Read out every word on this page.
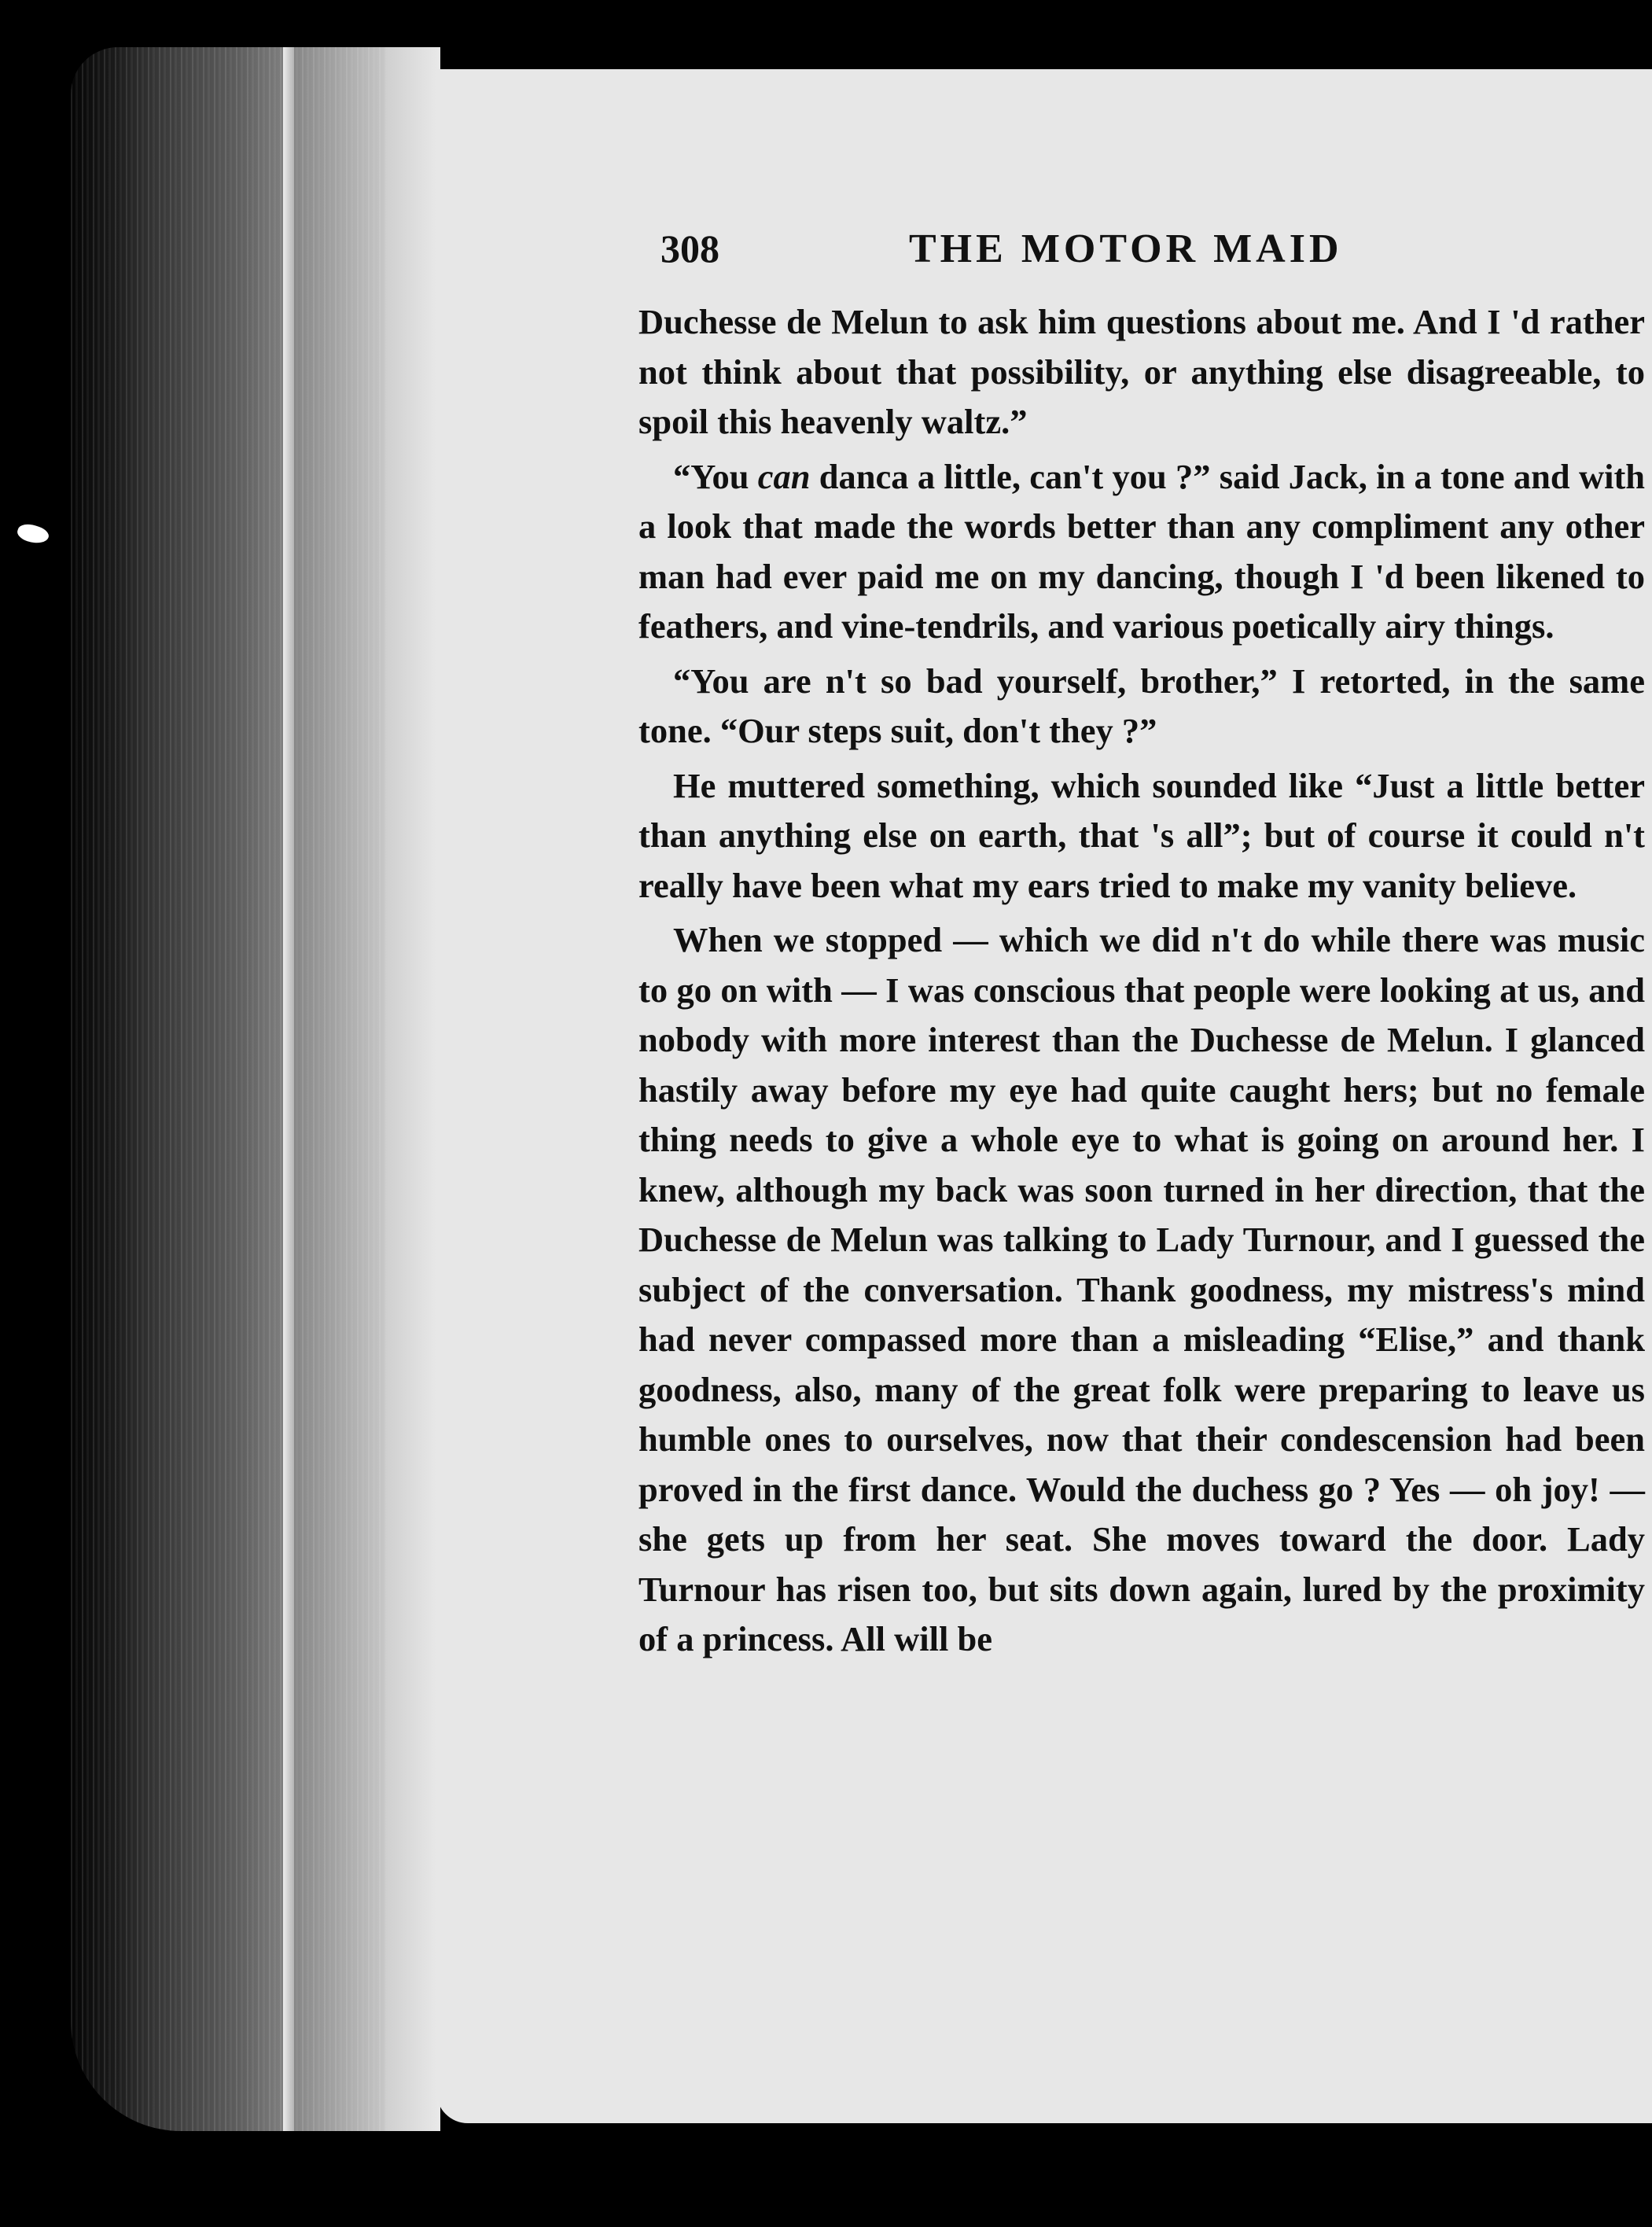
308	THE MOTOR MAID

Duchesse de Melun to ask him questions about me. And I 'd rather not think about that possibility, or anything else disagreeable, to spoil this heavenly waltz.”

“You can danca a little, can't you ?” said Jack, in a tone and with a look that made the words better than any compliment any other man had ever paid me on my dancing, though I 'd been likened to feathers, and vine-tendrils, and various poetically airy things.

“You are n't so bad yourself, brother,” I retorted, in the same tone. “Our steps suit, don't they ?”

He muttered something, which sounded like “Just a little better than anything else on earth, that 's all”; but of course it could n't really have been what my ears tried to make my vanity believe.

When we stopped — which we did n't do while there was music to go on with — I was conscious that people were looking at us, and nobody with more interest than the Duchesse de Melun. I glanced hastily away before my eye had quite caught hers; but no female thing needs to give a whole eye to what is going on around her. I knew, although my back was soon turned in her direction, that the Duchesse de Melun was talking to Lady Turnour, and I guessed the subject of the conversation. Thank goodness, my mistress's mind had never compassed more than a misleading “Elise,” and thank goodness, also, many of the great folk were preparing to leave us humble ones to ourselves, now that their condescension had been proved in the first dance. Would the duchess go ? Yes — oh joy! — she gets up from her seat. She moves toward the door. Lady Turnour has risen too, but sits down again, lured by the proximity of a princess. All will be
